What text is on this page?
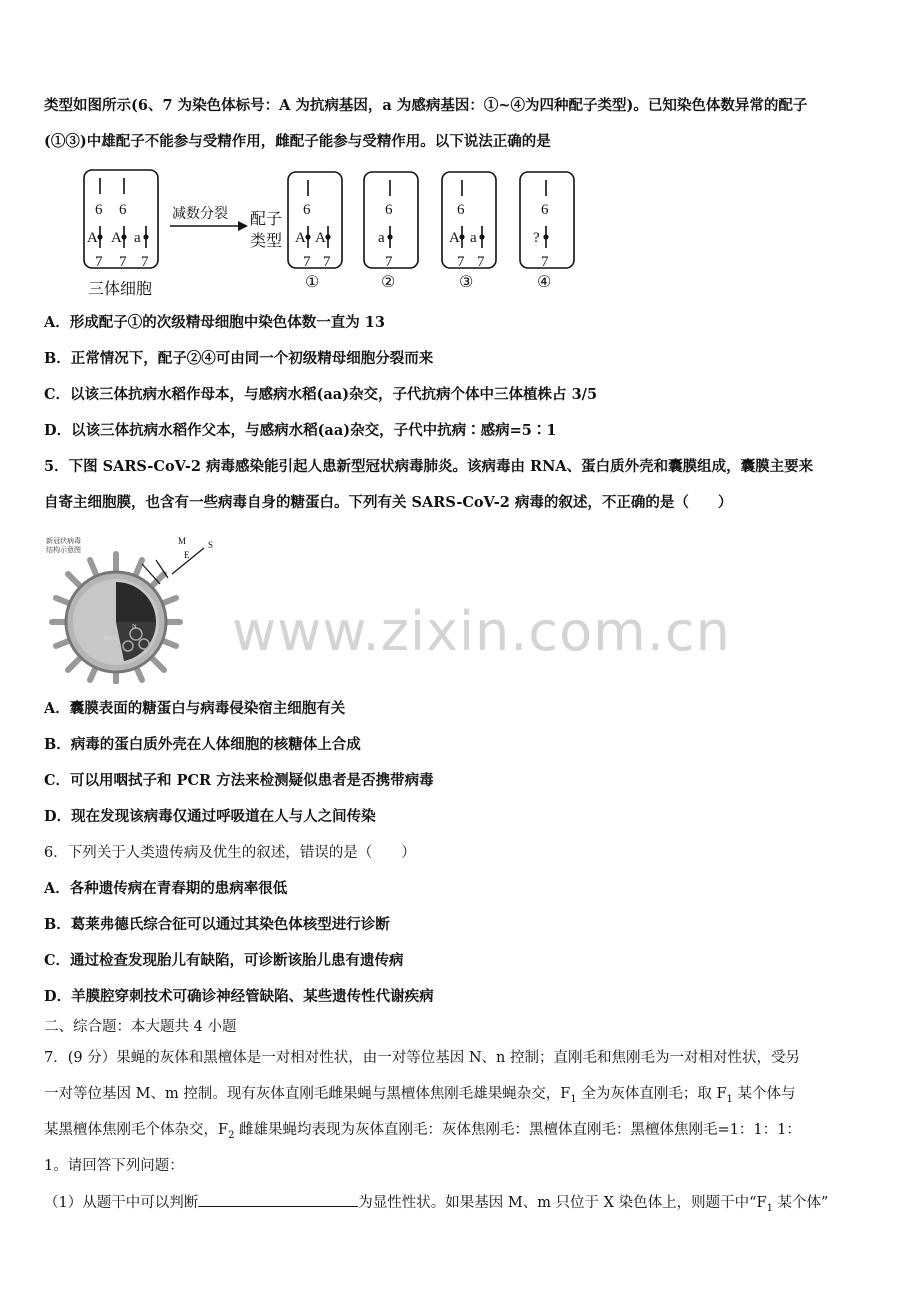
类型如图所示(6、7 为染色体标号：A 为抗病基因，a 为感病基因：①~④为四种配子类型)。已知染色体数异常的配子
(①③)中雄配子不能参与受精作用，雌配子能参与受精作用。以下说法正确的是
6 6	6	6	6	6
7 7 7	7 7	7	7 7	7
A A a	A A	a	A a	?
减数分裂 配子
类型
三体细胞	①	②	③	④
A．形成配子①的次级精母细胞中染色体数一直为 13
B．正常情况下，配子②④可由同一个初级精母细胞分裂而来
C．以该三体抗病水稻作母本，与感病水稻(aa)杂交，子代抗病个体中三体植株占 3/5
D．以该三体抗病水稻作父本，与感病水稻(aa)杂交，子代中抗病∶感病=5∶1
5．下图 SARS-CoV-2 病毒感染能引起人患新型冠状病毒肺炎。该病毒由 RNA、蛋白质外壳和囊膜组成，囊膜主要来
自寄主细胞膜，也含有一些病毒自身的糖蛋白。下列有关 SARS-CoV-2 病毒的叙述，不正确的是（　　）
新冠状病毒
结构示意图
M
E
S
N
RNA www.zixin.com.cn
A．囊膜表面的糖蛋白与病毒侵染宿主细胞有关
B．病毒的蛋白质外壳在人体细胞的核糖体上合成
C．可以用咽拭子和 PCR 方法来检测疑似患者是否携带病毒
D．现在发现该病毒仅通过呼吸道在人与人之间传染
6．下列关于人类遗传病及优生的叙述，错误的是（　　）
A．各种遗传病在青春期的患病率很低
B．葛莱弗德氏综合征可以通过其染色体核型进行诊断
C．通过检查发现胎儿有缺陷，可诊断该胎儿患有遗传病
D．羊膜腔穿刺技术可确诊神经管缺陷、某些遗传性代谢疾病
二、综合题：本大题共 4 小题
7．(9 分）果蝇的灰体和黑檀体是一对相对性状，由一对等位基因 N、n 控制；直刚毛和焦刚毛为一对相对性状，受另
一对等位基因 M、m 控制。现有灰体直刚毛雌果蝇与黑檀体焦刚毛雄果蝇杂交，$F_1$ 全为灰体直刚毛；取 $F_1$ 某个体与
某黑檀体焦刚毛个体杂交，$F_2$ 雌雄果蝇均表现为灰体直刚毛：灰体焦刚毛：黑檀体直刚毛：黑檀体焦刚毛=1：1：1：
1。请回答下列问题：
（1）从题干中可以判断	为显性性状。如果基因 M、m 只位于 X 染色体上，则题干中“$F_1$ 某个体”
